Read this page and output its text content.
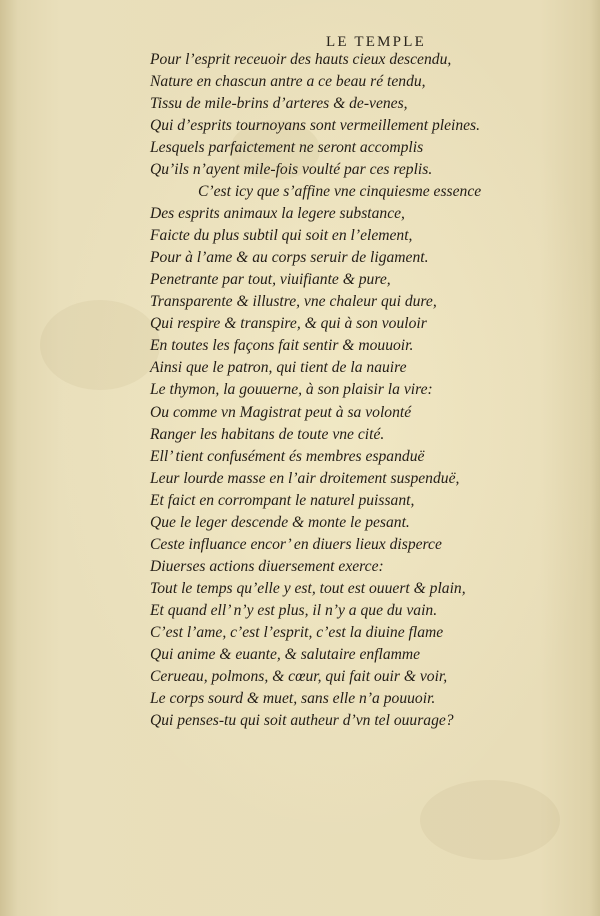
LE TEMPLE
Pour l’esprit receuoir des hauts cieux descendu,
Nature en chascun antre a ce beau ré tendu,
Tissu de mile-brins d’arteres & de-venes,
Qui d’esprits tournoyans sont vermeillement pleines.
Lesquels parfaictement ne seront accomplis
Qu’ils n’ayent mile-fois voulté par ces replis.
C’est icy que s’affine vne cinquiesme essence
Des esprits animaux la legere substance,
Faicte du plus subtil qui soit en l’element,
Pour à l’ame & au corps seruir de ligament.
Penetrante par tout, viuifiante & pure,
Transparente & illustre, vne chaleur qui dure,
Qui respire & transpire, & qui à son vouloir
En toutes les façons fait sentir & mouuoir.
Ainsi que le patron, qui tient de la nauire
Le thymon, la gouuerne, à son plaisir la vire:
Ou comme vn Magistrat peut à sa volonté
Ranger les habitans de toute vne cité.
Ell’ tient confusément és membres espanduë
Leur lourde masse en l’air droitement suspenduë,
Et faict en corrompant le naturel puissant,
Que le leger descende & monte le pesant.
Ceste influance encor’ en diuers lieux disperce
Diuerses actions diuersement exerce:
Tout le temps qu’elle y est, tout est ouuert & plain,
Et quand ell’ n’y est plus, il n’y a que du vain.
C’est l’ame, c’est l’esprit, c’est la diuine flame
Qui anime & euante, & salutaire enflamme
Cerueau, polmons, & cœur, qui fait ouir & voir,
Le corps sourd & muet, sans elle n’a pouuoir.
Qui penses-tu qui soit autheur d’vn tel ouurage?
